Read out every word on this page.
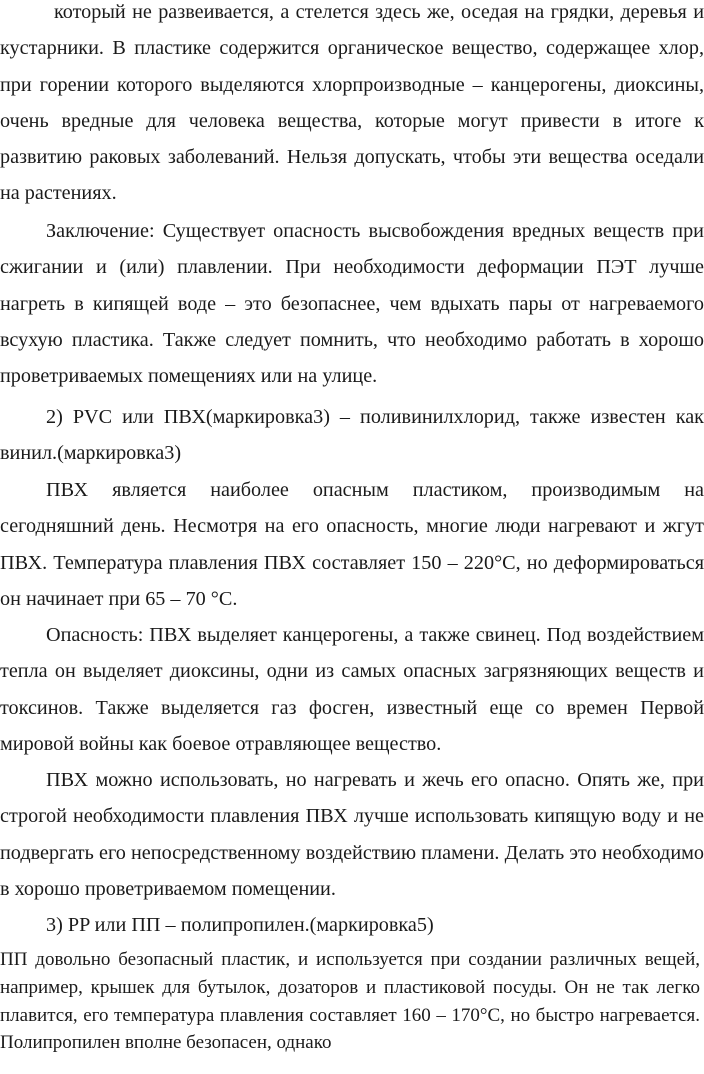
который не развеивается, а стелется здесь же, оседая на грядки, деревья и кустарники. В пластике содержится органическое вещество, содержащее хлор, при горении которого выделяются хлорпроизводные – канцерогены, диоксины, очень вредные для человека вещества, которые могут привести в итоге к развитию раковых заболеваний. Нельзя допускать, чтобы эти вещества оседали на растениях.

Заключение: Существует опасность высвобождения вредных веществ при сжигании и (или) плавлении. При необходимости деформации ПЭТ лучше нагреть в кипящей воде – это безопаснее, чем вдыхать пары от нагреваемого всухую пластика. Также следует помнить, что необходимо работать в хорошо проветриваемых помещениях или на улице.

2) PVC или ПВХ(маркировка3) – поливинилхлорид, также известен как винил.(маркировка3)

ПВХ является наиболее опасным пластиком, производимым на сегодняшний день. Несмотря на его опасность, многие люди нагревают и жгут ПВХ. Температура плавления ПВХ составляет 150 – 220°С, но деформироваться он начинает при 65 – 70 °С.

Опасность: ПВХ выделяет канцерогены, а также свинец. Под воздействием тепла он выделяет диоксины, одни из самых опасных загрязняющих веществ и токсинов. Также выделяется газ фосген, известный еще со времен Первой мировой войны как боевое отравляющее вещество.

ПВХ можно использовать, но нагревать и жечь его опасно. Опять же, при строгой необходимости плавления ПВХ лучше использовать кипящую воду и не подвергать его непосредственному воздействию пламени. Делать это необходимо в хорошо проветриваемом помещении.

3) PP или ПП – полипропилен.(маркировка5)

ПП довольно безопасный пластик, и используется при создании различных вещей, например, крышек для бутылок, дозаторов и пластиковой посуды. Он не так легко плавится, его температура плавления составляет 160 – 170°С, но быстро нагревается. Полипропилен вполне безопасен, однако
